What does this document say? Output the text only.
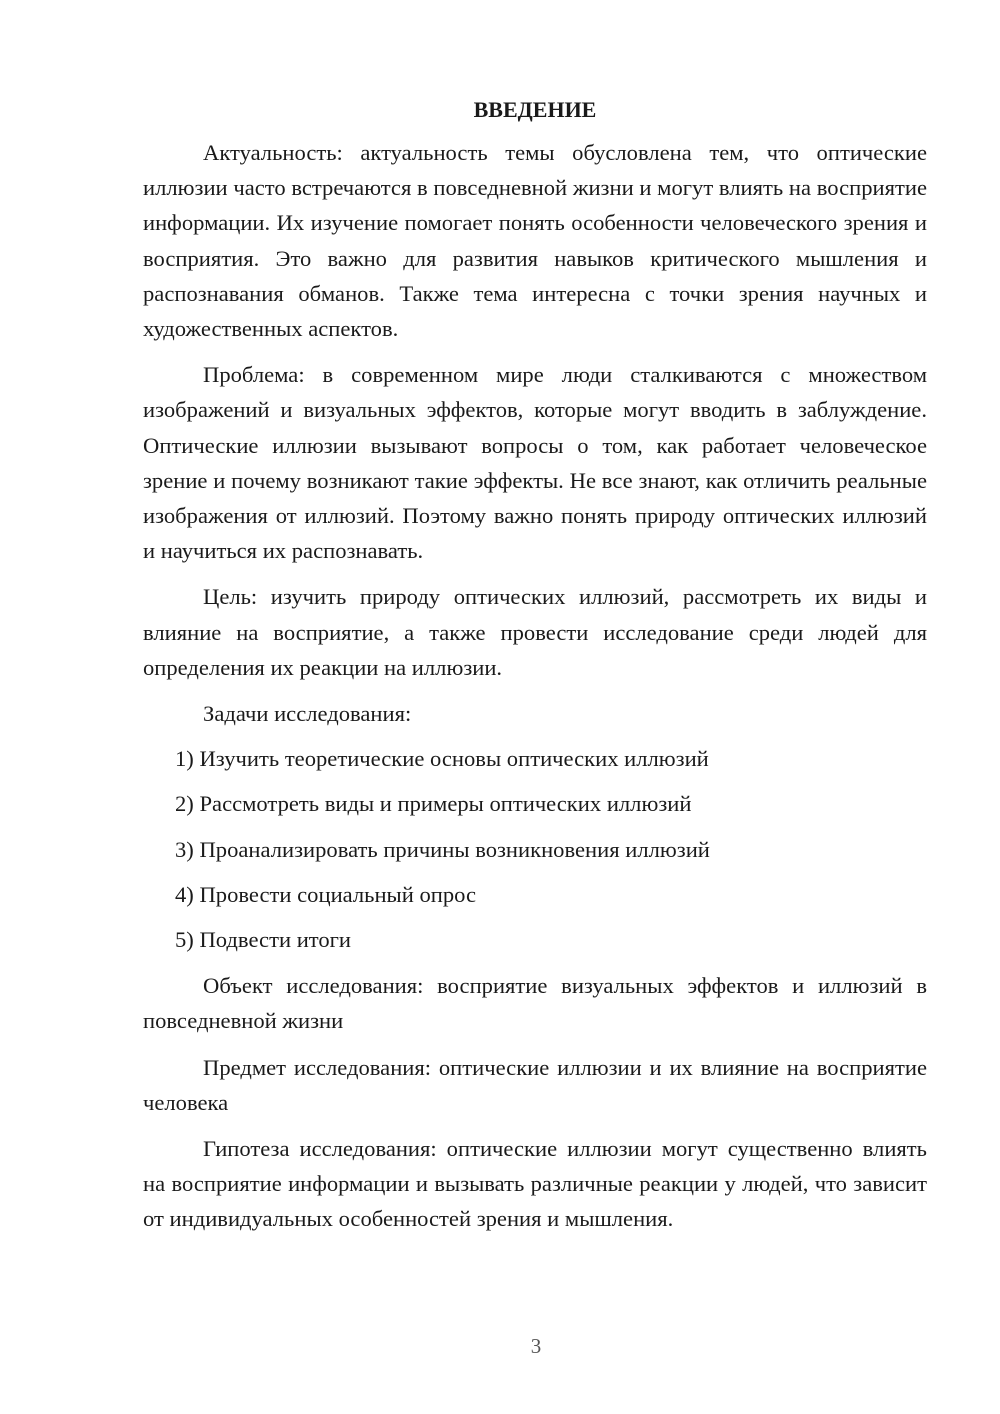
ВВЕДЕНИЕ

Актуальность: актуальность темы обусловлена тем, что оптические иллюзии часто встречаются в повседневной жизни и могут влиять на восприятие информации. Их изучение помогает понять особенности человеческого зрения и восприятия. Это важно для развития навыков критического мышления и распознавания обманов. Также тема интересна с точки зрения научных и художественных аспектов.

Проблема: в современном мире люди сталкиваются с множеством изображений и визуальных эффектов, которые могут вводить в заблуждение. Оптические иллюзии вызывают вопросы о том, как работает человеческое зрение и почему возникают такие эффекты. Не все знают, как отличить реальные изображения от иллюзий. Поэтому важно понять природу оптических иллюзий и научиться их распознавать.

Цель: изучить природу оптических иллюзий, рассмотреть их виды и влияние на восприятие, а также провести исследование среди людей для определения их реакции на иллюзии.

Задачи исследования:

1) Изучить теоретические основы оптических иллюзий
2) Рассмотреть виды и примеры оптических иллюзий
3) Проанализировать причины возникновения иллюзий
4) Провести социальный опрос
5) Подвести итоги

Объект исследования: восприятие визуальных эффектов и иллюзий в повседневной жизни

Предмет исследования: оптические иллюзии и их влияние на восприятие человека

Гипотеза исследования: оптические иллюзии могут существенно влиять на восприятие информации и вызывать различные реакции у людей, что зависит от индивидуальных особенностей зрения и мышления.

3
